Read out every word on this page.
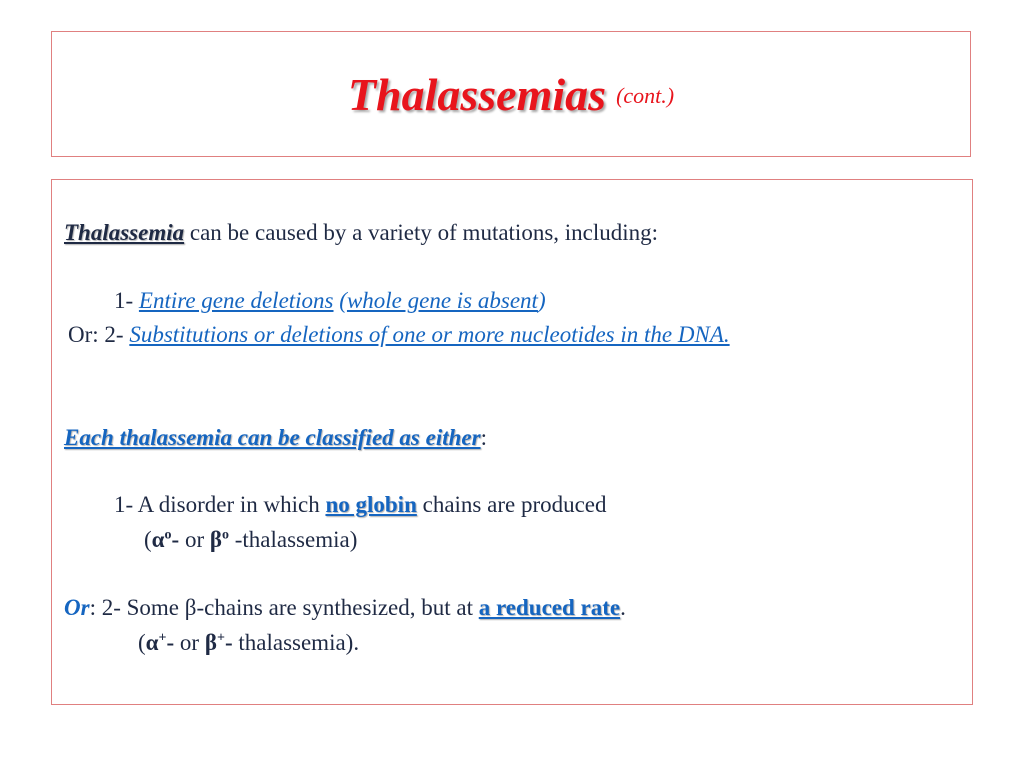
Thalassemias (cont.)
Thalassemia can be caused by a variety of mutations, including:
1- Entire gene deletions (whole gene is absent)
Or: 2- Substitutions or deletions of one or more nucleotides in the DNA.
Each thalassemia can be classified as either:
1- A disorder in which no globin chains are produced
($\alpha^o-$ or $\beta^o$ -thalassemia)
Or: 2- Some β-chains are synthesized, but at a reduced rate.
(α+- or β+- thalassemia).
